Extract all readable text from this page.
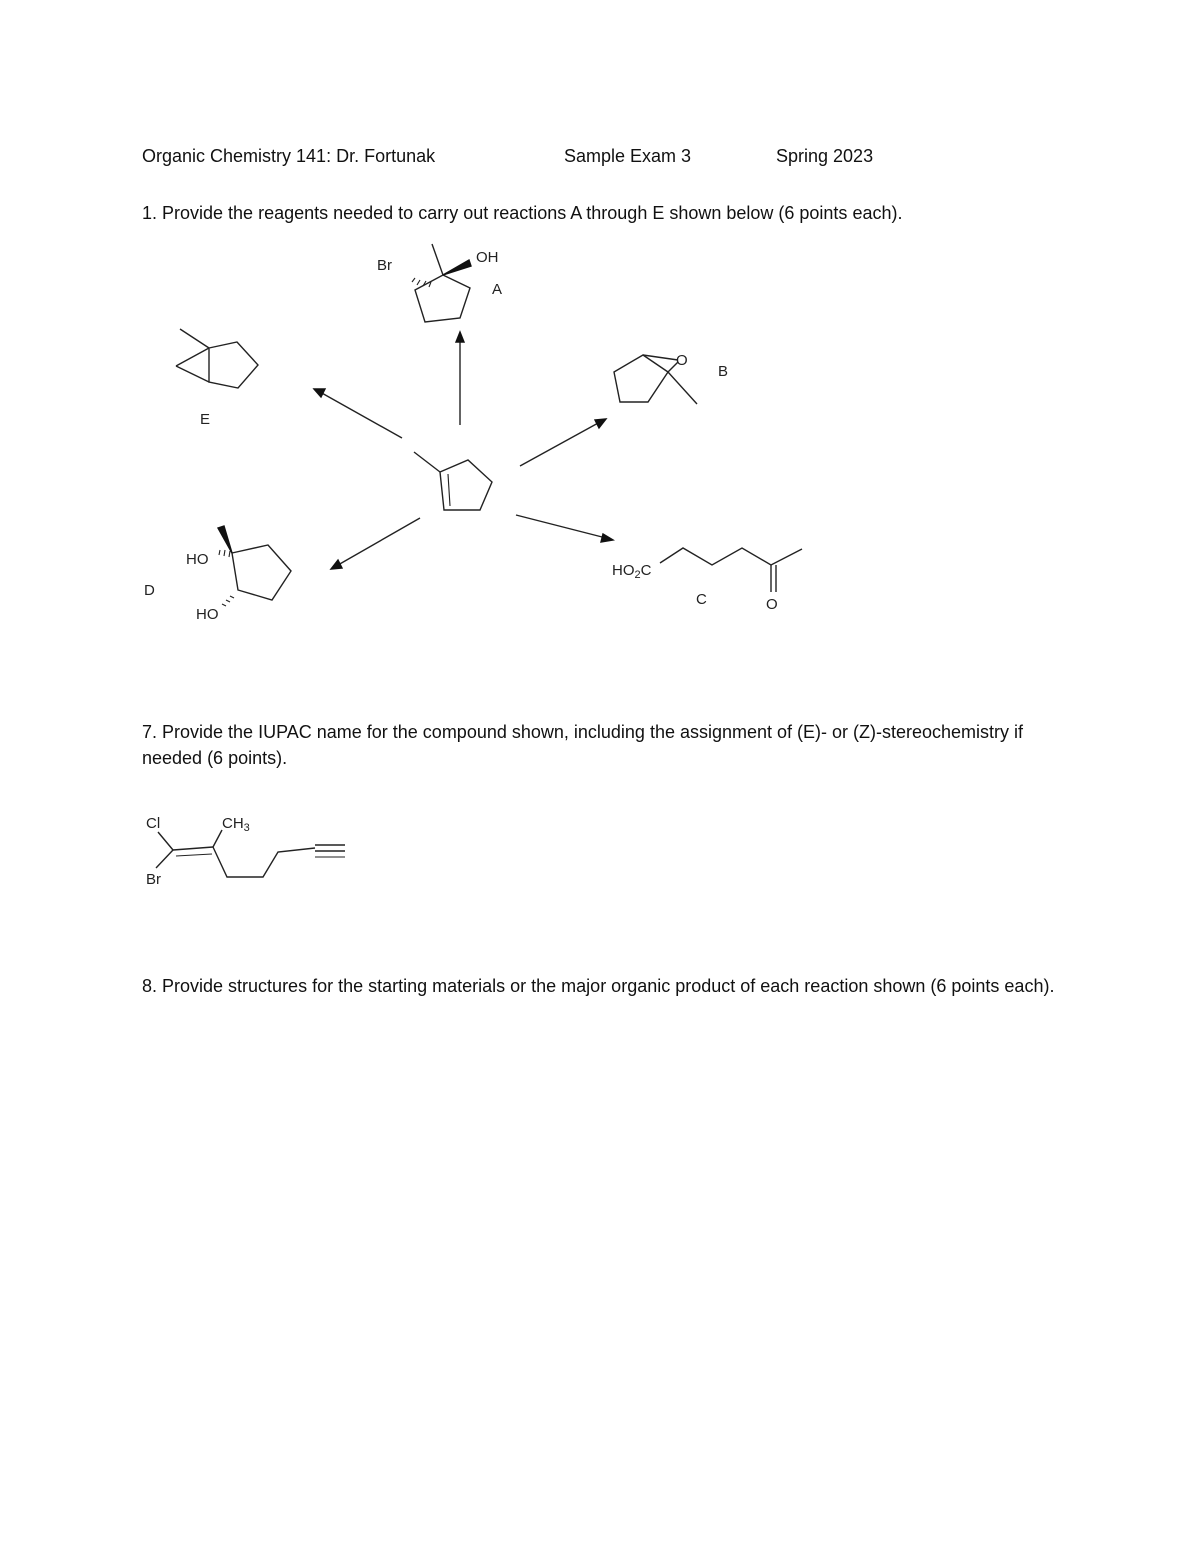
Organic Chemistry 141: Dr. Fortunak	Sample Exam 3	Spring 2023
1. Provide the reagents needed to carry out reactions A through E shown below (6 points each).
Br	OH
A
O
B
$HO_2C$
O
C
HO
HO
D
E
7. Provide the IUPAC name for the compound shown, including the assignment of (E)- or (Z)-stereochemistry if needed (6 points).
Cl
Br
$CH_3$
8. Provide structures for the starting materials or the major organic product of each reaction shown (6 points each).
